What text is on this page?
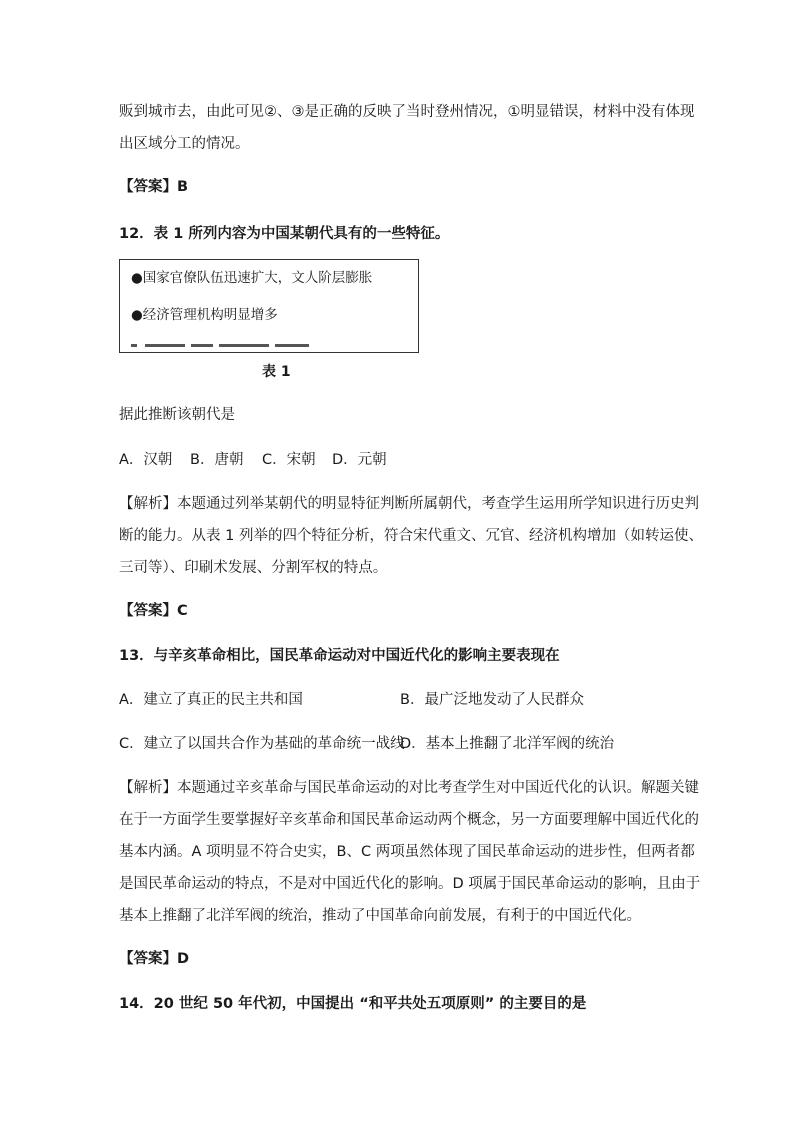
贩到城市去，由此可见②、③是正确的反映了当时登州情况，①明显错误，材料中没有体现
出区域分工的情况。
【答案】B
12．表 1 所列内容为中国某朝代具有的一些特征。
●国家官僚队伍迅速扩大，文人阶层膨胀
●经济管理机构明显增多
表 1
据此推断该朝代是
A．汉朝 B．唐朝 C．宋朝 D．元朝
【解析】本题通过列举某朝代的明显特征判断所属朝代，考查学生运用所学知识进行历史判
断的能力。从表 1 列举的四个特征分析，符合宋代重文、冗官、经济机构增加（如转运使、
三司等）、印刷术发展、分割军权的特点。
【答案】C
13．与辛亥革命相比，国民革命运动对中国近代化的影响主要表现在
A．建立了真正的民主共和国	B．最广泛地发动了人民群众
C．建立了以国共合作为基础的革命统一战线
D．基本上推翻了北洋军阀的统治
【解析】本题通过辛亥革命与国民革命运动的对比考查学生对中国近代化的认识。解题关键
在于一方面学生要掌握好辛亥革命和国民革命运动两个概念，另一方面要理解中国近代化的
基本内涵。A 项明显不符合史实，B、C 两项虽然体现了国民革命运动的进步性，但两者都
是国民革命运动的特点，不是对中国近代化的影响。D 项属于国民革命运动的影响，且由于
基本上推翻了北洋军阀的统治，推动了中国革命向前发展，有利于的中国近代化。
【答案】D
14．20 世纪 50 年代初，中国提出 “和平共处五项原则” 的主要目的是
